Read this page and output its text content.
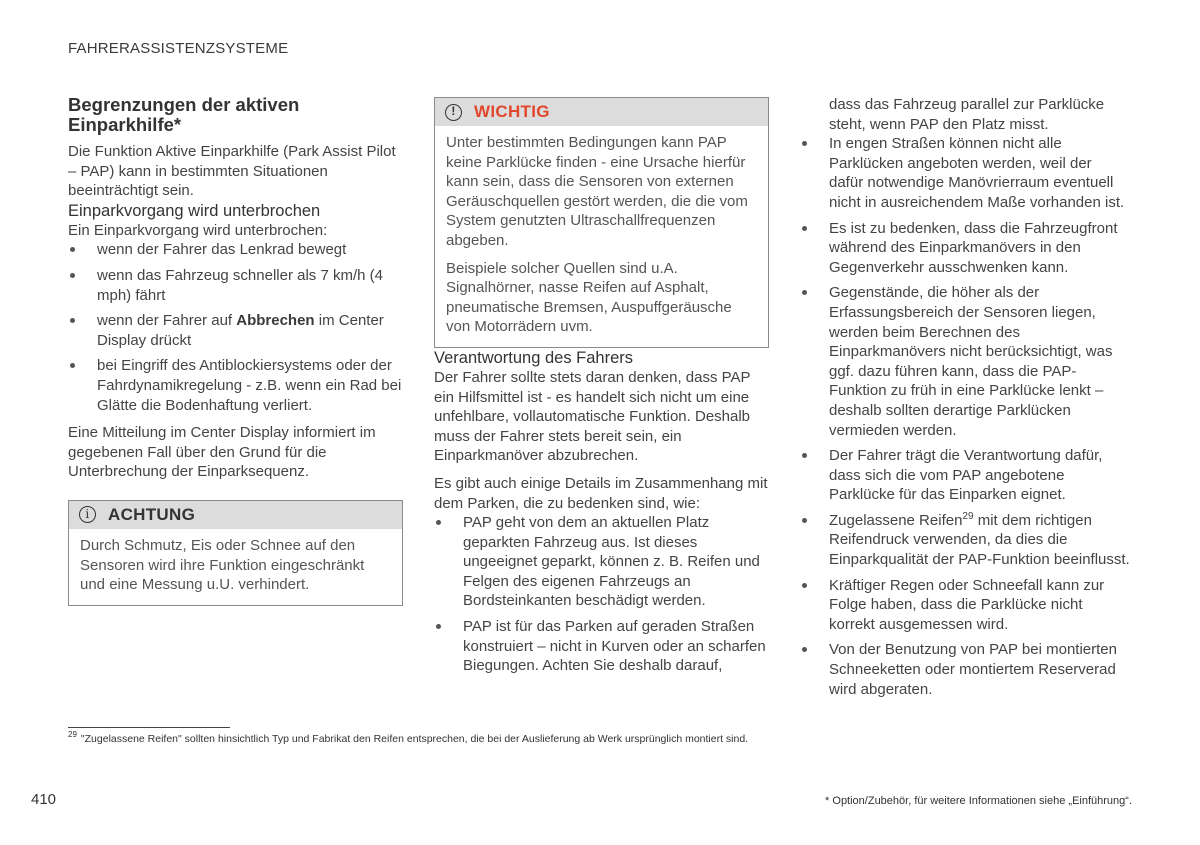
FAHRERASSISTENZSYSTEME
Begrenzungen der aktiven Einparkhilfe*

Die Funktion Aktive Einparkhilfe (Park Assist Pilot – PAP) kann in bestimmten Situationen beeinträchtigt sein.

Einparkvorgang wird unterbrochen

Ein Einparkvorgang wird unterbrochen:

wenn der Fahrer das Lenkrad bewegt
wenn das Fahrzeug schneller als 7 km/h (4 mph) fährt
wenn der Fahrer auf Abbrechen im Center Display drückt
bei Eingriff des Antiblockiersystems oder der Fahrdynamikregelung - z.B. wenn ein Rad bei Glätte die Bodenhaftung verliert.

Eine Mitteilung im Center Display informiert im gegebenen Fall über den Grund für die Unterbrechung der Einparksequenz.

i	ACHTUNG
Durch Schmutz, Eis oder Schnee auf den Sensoren wird ihre Funktion eingeschränkt und eine Messung u.U. verhindert.
!	WICHTIG

Unter bestimmten Bedingungen kann PAP keine Parklücke finden - eine Ursache hierfür kann sein, dass die Sensoren von externen Geräuschquellen gestört werden, die die vom System genutzten Ultraschallfrequenzen abgeben.

Beispiele solcher Quellen sind u.A. Signalhörner, nasse Reifen auf Asphalt, pneumatische Bremsen, Auspuffgeräusche von Motorrädern uvm.

Verantwortung des Fahrers

Der Fahrer sollte stets daran denken, dass PAP ein Hilfsmittel ist - es handelt sich nicht um eine unfehlbare, vollautomatische Funktion. Deshalb muss der Fahrer stets bereit sein, ein Einparkmanöver abzubrechen.

Es gibt auch einige Details im Zusammenhang mit dem Parken, die zu bedenken sind, wie:

PAP geht von dem an aktuellen Platz geparkten Fahrzeug aus. Ist dieses ungeeignet geparkt, können z. B. Reifen und Felgen des eigenen Fahrzeugs an Bordsteinkanten beschädigt werden.
PAP ist für das Parken auf geraden Straßen konstruiert – nicht in Kurven oder an scharfen Biegungen. Achten Sie deshalb darauf,

dass das Fahrzeug parallel zur Parklücke steht, wenn PAP den Platz misst.

In engen Straßen können nicht alle Parklücken angeboten werden, weil der dafür notwendige Manövrierraum eventuell nicht in ausreichendem Maße vorhanden ist.
Es ist zu bedenken, dass die Fahrzeugfront während des Einparkmanövers in den Gegenverkehr ausschwenken kann.
Gegenstände, die höher als der Erfassungsbereich der Sensoren liegen, werden beim Berechnen des Einparkmanövers nicht berücksichtigt, was ggf. dazu führen kann, dass die PAP-Funktion zu früh in eine Parklücke lenkt – deshalb sollten derartige Parklücken vermieden werden.
Der Fahrer trägt die Verantwortung dafür, dass sich die vom PAP angebotene Parklücke für das Einparken eignet.
Zugelassene Reifen$^{29}$ mit dem richtigen Reifendruck verwenden, da dies die Einparkqualität der PAP-Funktion beeinflusst.
Kräftiger Regen oder Schneefall kann zur Folge haben, dass die Parklücke nicht korrekt ausgemessen wird.
Von der Benutzung von PAP bei montierten Schneeketten oder montiertem Reserverad wird abgeraten.
$^{29}$ "Zugelassene Reifen" sollten hinsichtlich Typ und Fabrikat den Reifen entsprechen, die bei der Auslieferung ab Werk ursprünglich montiert sind.
410	* Option/Zubehör, für weitere Informationen siehe „Einführung“.
